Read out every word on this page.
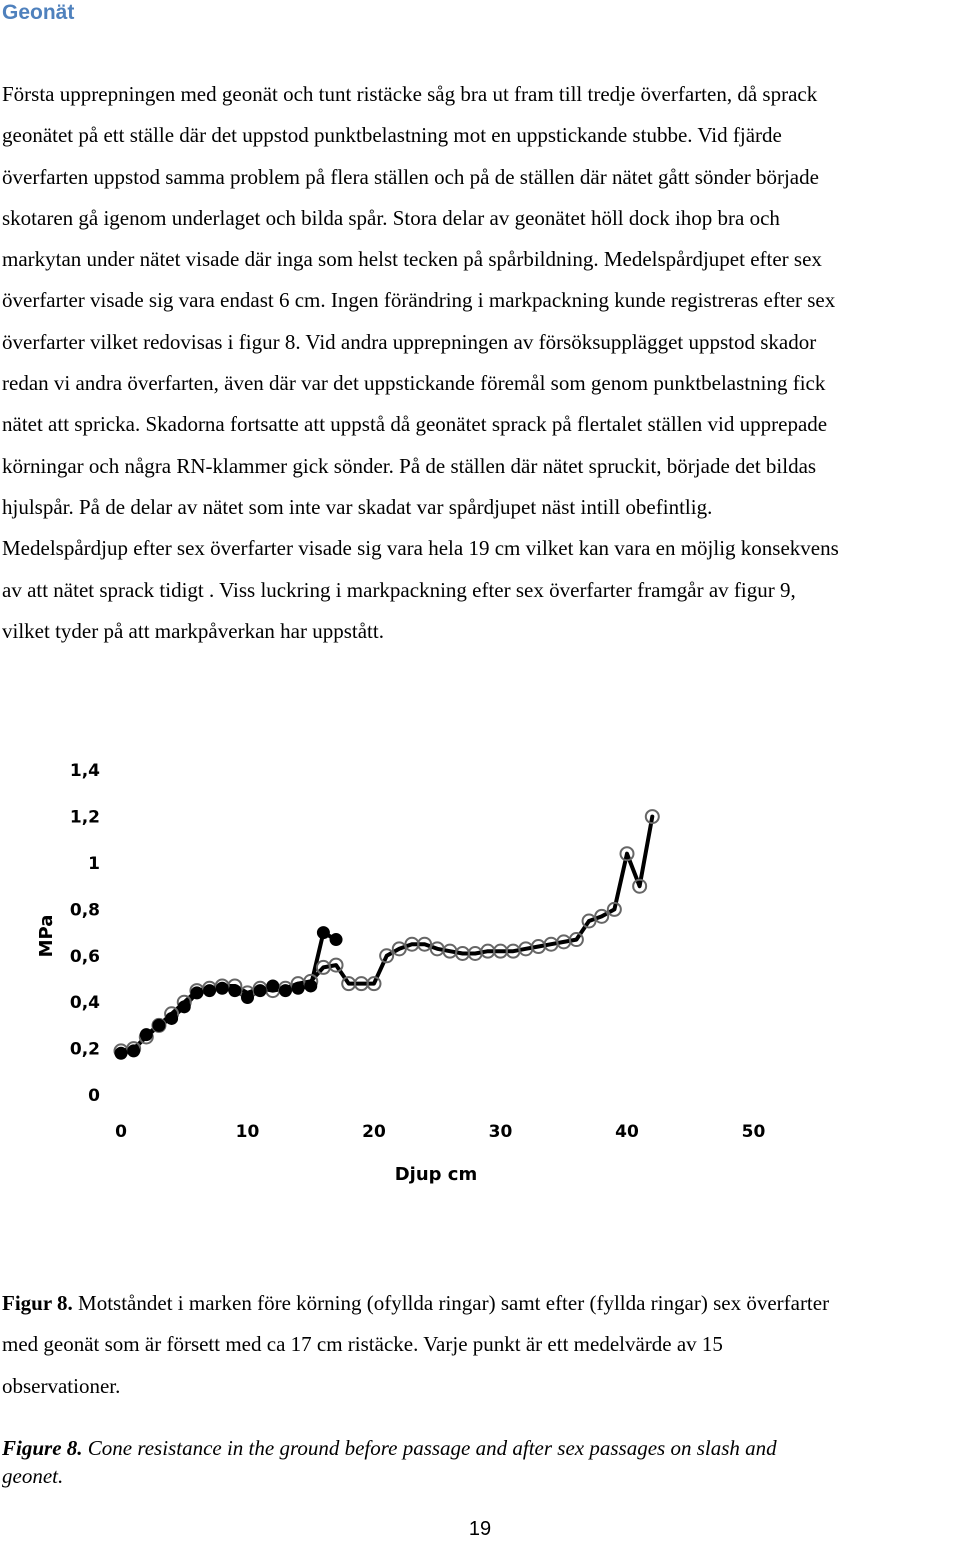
Geonät

Första upprepningen med geonät och tunt ristäcke såg bra ut fram till tredje överfarten, då sprack
geonätet på ett ställe där det uppstod punktbelastning mot en uppstickande stubbe. Vid fjärde
överfarten uppstod samma problem på flera ställen och på de ställen där nätet gått sönder började
skotaren gå igenom underlaget och bilda spår. Stora delar av geonätet höll dock ihop bra och
markytan under nätet visade där inga som helst tecken på spårbildning. Medelspårdjupet efter sex
överfarter visade sig vara endast 6 cm. Ingen förändring i markpackning kunde registreras efter sex
överfarter vilket redovisas i figur 8. Vid andra upprepningen av försöksupplägget uppstod skador
redan vi andra överfarten, även där var det uppstickande föremål som genom punktbelastning fick
nätet att spricka. Skadorna fortsatte att uppstå då geonätet sprack på flertalet ställen vid upprepade
körningar och några RN-klammer gick sönder. På de ställen där nätet spruckit, började det bildas
hjulspår. På de delar av nätet som inte var skadat var spårdjupet näst intill obefintlig.
Medelspårdjup efter sex överfarter visade sig vara hela 19 cm vilket kan vara en möjlig konsekvens
av att nätet sprack tidigt . Viss luckring i markpackning efter sex överfarter framgår av figur 9,
vilket tyder på att markpåverkan har uppstått.

0
0,2
0,4
0,6
0,8
1
1,2
1,4
0	10	20	30	40	50
MPa
Djup cm

Figur 8. Motståndet i marken före körning (ofyllda ringar) samt efter (fyllda ringar) sex överfarter
med geonät som är försett med ca 17 cm ristäcke. Varje punkt är ett medelvärde av 15
observationer.

Figure 8. Cone resistance in the ground before passage and after sex passages on slash and
geonet.

19
